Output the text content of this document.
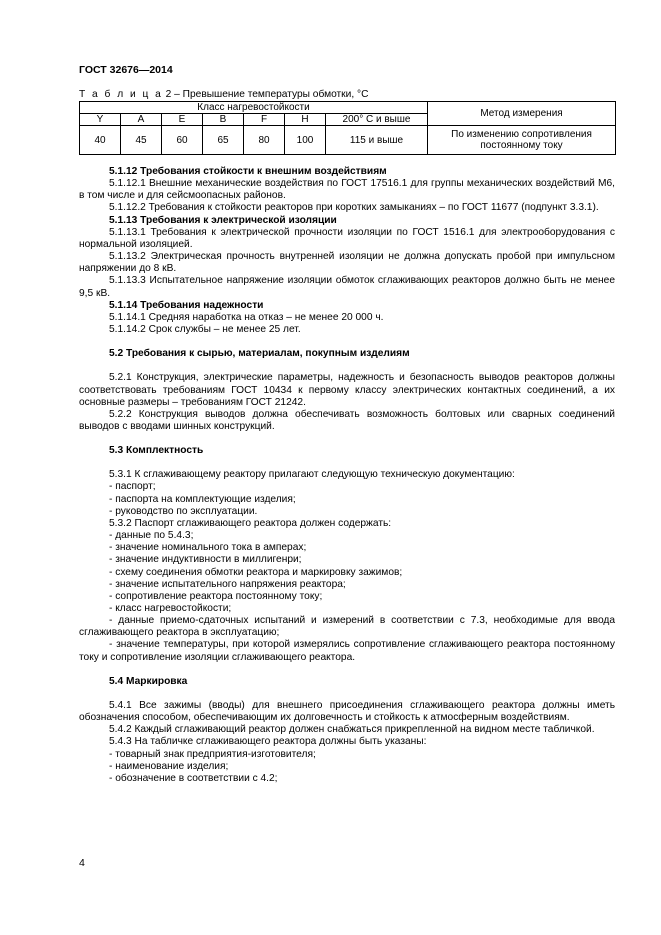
ГОСТ 32676—2014
Т а б л и ц а 2 – Превышение температуры обмотки, °С
Класс нагревостойкости							Метод измерения
Y	A	E	B	F	H	200° С и выше	
40	45	60	65	80	100	115 и выше	По изменению сопротивления постоянному току

5.1.12 Требования стойкости к внешним воздействиям

5.1.12.1 Внешние механические воздействия по ГОСТ 17516.1 для группы механических воздействий М6, в том числе и для сейсмоопасных районов.

5.1.12.2 Требования к стойкости реакторов при коротких замыканиях – по ГОСТ 11677 (подпункт 3.3.1).

5.1.13 Требования к электрической изоляции

5.1.13.1 Требования к электрической прочности изоляции по ГОСТ 1516.1 для электрооборудования с нормальной изоляцией.

5.1.13.2 Электрическая прочность внутренней изоляции не должна допускать пробой при импульсном напряжении до 8 кВ.

5.1.13.3 Испытательное напряжение изоляции обмоток сглаживающих реакторов должно быть не менее 9,5 кВ.

5.1.14 Требования надежности

5.1.14.1 Средняя наработка на отказ – не менее 20 000 ч.

5.1.14.2 Срок службы – не менее 25 лет.

5.2 Требования к сырью, материалам, покупным изделиям

5.2.1 Конструкция, электрические параметры, надежность и безопасность выводов реакторов должны соответствовать требованиям ГОСТ 10434 к первому классу электрических контактных соединений, а их основные размеры – требованиям ГОСТ 21242.

5.2.2 Конструкция выводов должна обеспечивать возможность болтовых или сварных соединений выводов с вводами шинных конструкций.

5.3 Комплектность

5.3.1 К сглаживающему реактору прилагают следующую техническую документацию:

- паспорт;

- паспорта на комплектующие изделия;

- руководство по эксплуатации.

5.3.2 Паспорт сглаживающего реактора должен содержать:

- данные по 5.4.3;

- значение номинального тока в амперах;

- значение индуктивности в миллигенри;

- схему соединения обмотки реактора и маркировку зажимов;

- значение испытательного напряжения реактора;

- сопротивление реактора постоянному току;

- класс нагревостойкости;

- данные приемо-сдаточных испытаний и измерений в соответствии с 7.3, необходимые для ввода сглаживающего реактора в эксплуатацию;

- значение температуры, при которой измерялись сопротивление сглаживающего реактора постоянному току и сопротивление изоляции сглаживающего реактора.

5.4 Маркировка

5.4.1 Все зажимы (вводы) для внешнего присоединения сглаживающего реактора должны иметь обозначения способом, обеспечивающим их долговечность и стойкость к атмосферным воздействиям.

5.4.2 Каждый сглаживающий реактор должен снабжаться прикрепленной на видном месте табличкой.

5.4.3 На табличке сглаживающего реактора должны быть указаны:

- товарный знак предприятия-изготовителя;

- наименование изделия;

- обозначение в соответствии с 4.2;

4
